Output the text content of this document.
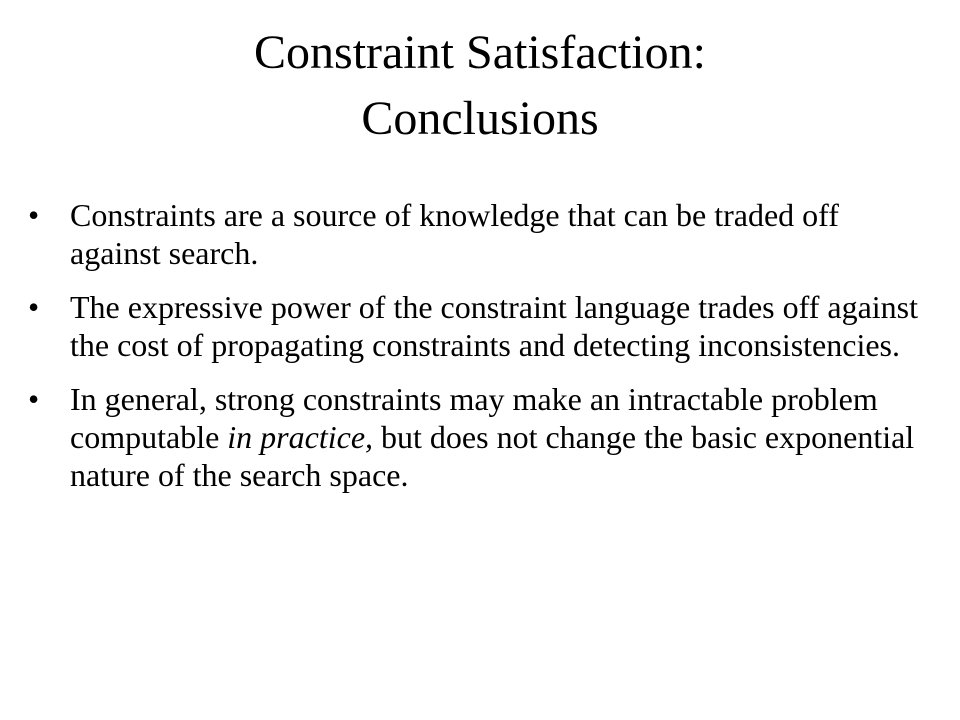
Constraint Satisfaction:
Conclusions
• Constraints are a source of knowledge that can be traded off against search.
• The expressive power of the constraint language trades off against the cost of propagating constraints and detecting inconsistencies.
• In general, strong constraints may make an intractable problem computable in practice, but does not change the basic exponential nature of the search space.
